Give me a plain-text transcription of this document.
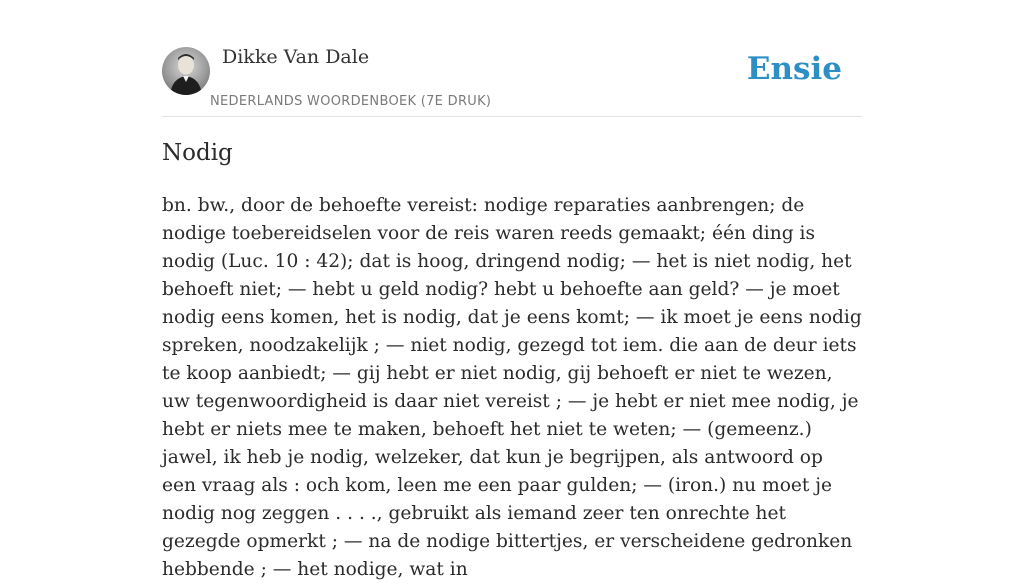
Dikke Van Dale
NEDERLANDS WOORDENBOEK (7E DRUK)
Ensie
Nodig

bn. bw., door de behoefte vereist: nodige reparaties aanbrengen; de nodige toebereidselen voor de reis waren reeds gemaakt; één ding is nodig (Luc. 10 : 42); dat is hoog, dringend nodig; — het is niet nodig, het behoeft niet; — hebt u geld nodig? hebt u behoefte aan geld? — je moet nodig eens komen, het is nodig, dat je eens komt; — ik moet je eens nodig spreken, noodzakelijk ; — niet nodig, gezegd tot iem. die aan de deur iets te koop aanbiedt; — gij hebt er niet nodig, gij behoeft er niet te wezen, uw tegenwoordigheid is daar niet vereist ; — je hebt er niet mee nodig, je hebt er niets mee te maken, behoeft het niet te weten; — (gemeenz.) jawel, ik heb je nodig, welzeker, dat kun je begrijpen, als antwoord op een vraag als : och kom, leen me een paar gulden; — (iron.) nu moet je nodig nog zeggen . . . ., gebruikt als iemand zeer ten onrechte het gezegde opmerkt ; — na de nodige bittertjes, er verscheidene gedronken hebbende ; — het nodige, wat in
